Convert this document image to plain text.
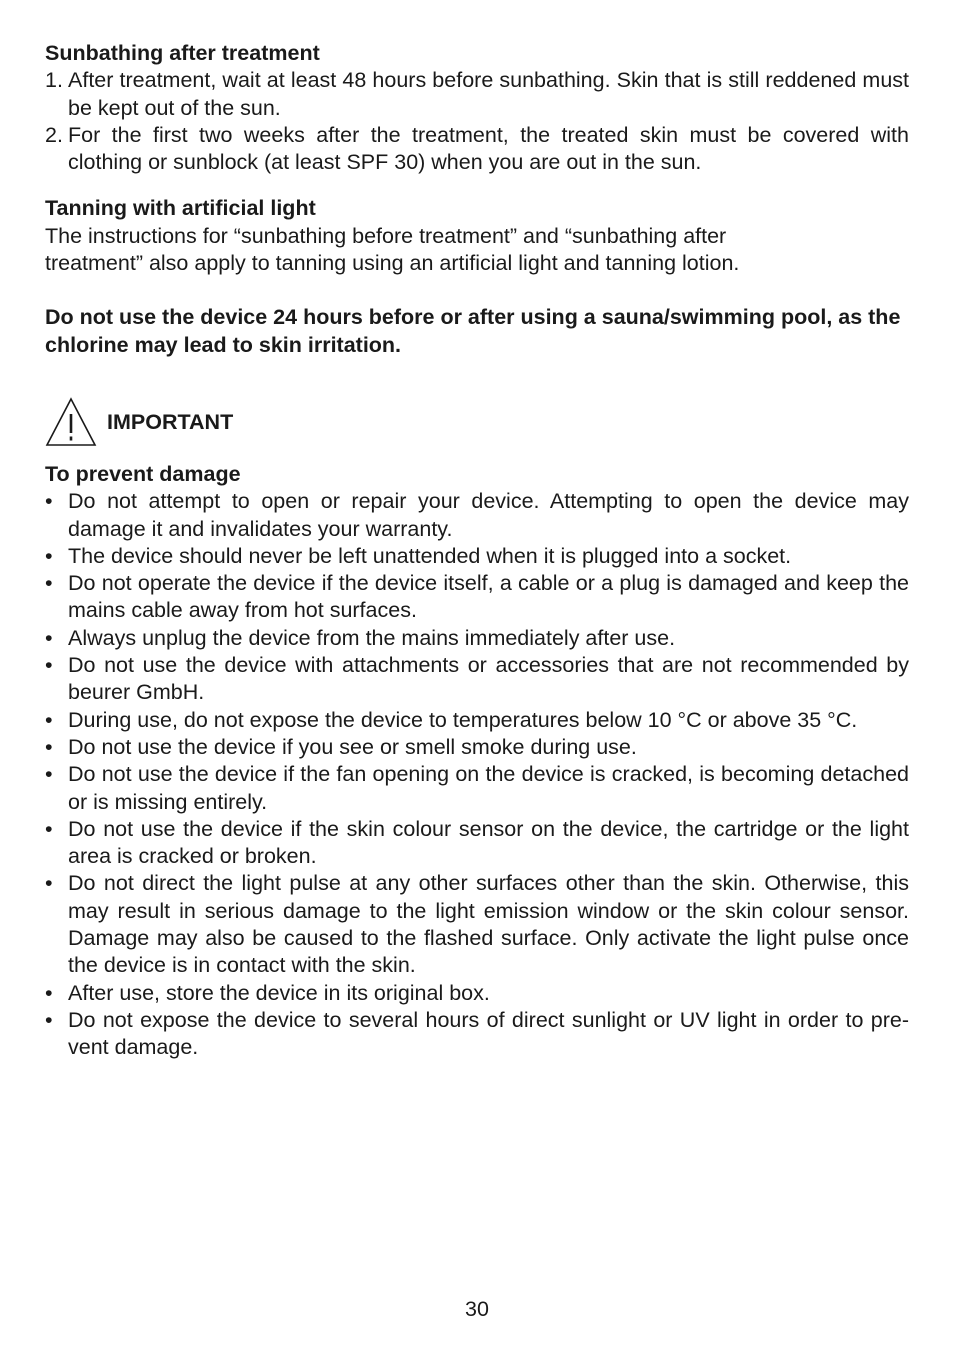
Sunbathing after treatment

1. After treatment, wait at least 48 hours before sunbathing. Skin that is still reddened must be kept out of the sun.
2. For the first two weeks after the treatment, the treated skin must be covered with clothing or sunblock (at least SPF 30) when you are out in the sun.

Tanning with artificial light

The instructions for “sunbathing before treatment” and “sunbathing after

treatment” also apply to tanning using an artificial light and tanning lotion.

Do not use the device 24 hours before or after using a sauna/swimming pool, as the chlorine may lead to skin irritation.

IMPORTANT

To prevent damage

• Do not attempt to open or repair your device. Attempting to open the device may damage it and invalidates your warranty.
• The device should never be left unattended when it is plugged into a socket.
• Do not operate the device if the device itself, a cable or a plug is damaged and keep the mains cable away from hot surfaces.
• Always unplug the device from the mains immediately after use.
• Do not use the device with attachments or accessories that are not recommended by beurer GmbH.
• During use, do not expose the device to temperatures below 10 °C or above 35 °C.
• Do not use the device if you see or smell smoke during use.
• Do not use the device if the fan opening on the device is cracked, is becoming detached or is missing entirely.
• Do not use the device if the skin colour sensor on the device, the cartridge or the light area is cracked or broken.
• Do not direct the light pulse at any other surfaces other than the skin. Otherwise, this may result in serious damage to the light emission window or the skin colour sensor. Damage may also be caused to the flashed surface. Only activate the light pulse once the device is in contact with the skin.
• After use, store the device in its original box.
• Do not expose the device to several hours of direct sunlight or UV light in order to pre-vent damage.
30
